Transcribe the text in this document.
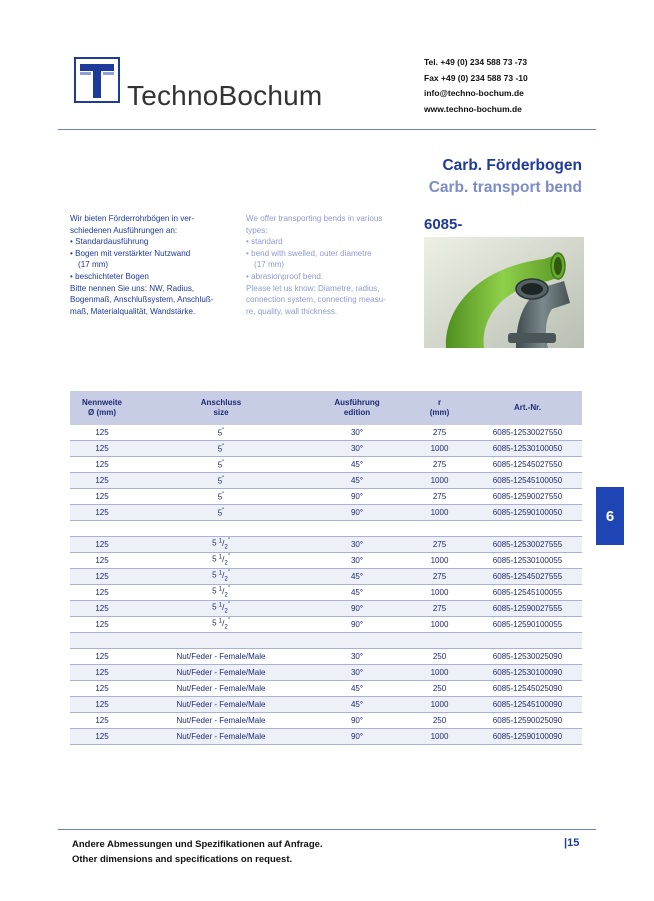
TechnoBochum
Tel. +49 (0) 234 588 73 -73
Fax +49 (0) 234 588 73 -10
info@techno-bochum.de
www.techno-bochum.de
Carb. Förderbogen
Carb. transport bend
6085-
Wir bieten Förderrohrbögen in ver-
schiedenen Ausführungen an:
• Standardausführung
• Bogen mit verstärkter Nutzwand
(17 mm)
• beschichteter Bogen
Bitte nennen Sie uns: NW, Radius,
Bogenmaß, Anschlußsystem, Anschluß-
maß, Materialqualität, Wandstärke.
We offer transporting bends in various
types:
• standard
• bend with swelled, outer diametre
(17 mm)
• abrasionproof bend.
Please let us know: Diametre, radius,
connection system, connecting measu-
re, quality, wall thickness.
Nennweite
Ø (mm)	Anschluss
size	Ausführung
edition	r
(mm)	Art.-Nr.
125	5"	30°	275	6085-12530027550
125	5"	30°	1000	6085-12530100050
125	5"	45°	275	6085-12545027550
125	5"	45°	1000	6085-12545100050
125	5"	90°	275	6085-12590027550
125	5"	90°	1000	6085-12590100050

125	5 $^1/_2^"$	30°	275	6085-12530027555
125	5 $^1/_2^"$	30°	1000	6085-12530100055
125	5 $^1/_2^"$	45°	275	6085-12545027555
125	5 $^1/_2^"$	45°	1000	6085-12545100055
125	5 $^1/_2^"$	90°	275	6085-12590027555
125	5 $^1/_2^"$	90°	1000	6085-12590100055

125	Nut/Feder - Female/Male	30°	250	6085-12530025090
125	Nut/Feder - Female/Male	30°	1000	6085-12530100090
125	Nut/Feder - Female/Male	45°	250	6085-12545025090
125	Nut/Feder - Female/Male	45°	1000	6085-12545100090
125	Nut/Feder - Female/Male	90°	250	6085-12590025090
125	Nut/Feder - Female/Male	90°	1000	6085-12590100090
6
Andere Abmessungen und Spezifikationen auf Anfrage.
Other dimensions and specifications on request.
|15
